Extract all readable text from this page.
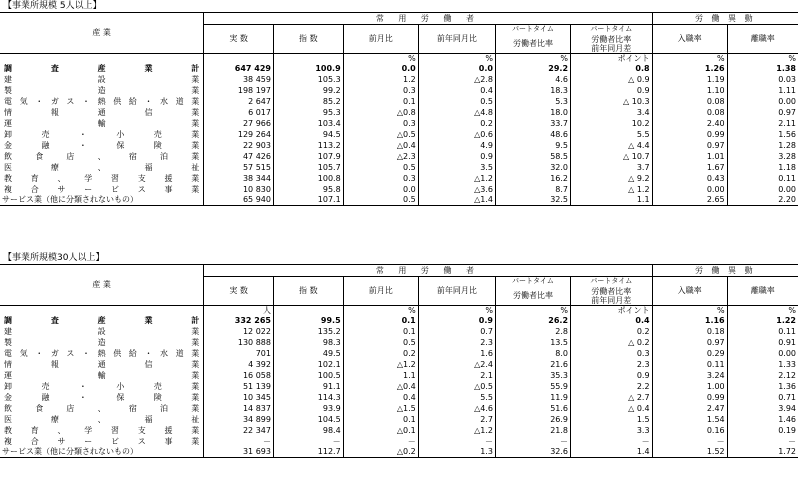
【事業所規模 5人以上】
産 業	常 用 労 働 者						労 働 異 動	
	実 数	指 数	前月比	前年同月比	パートタイム	パートタイム	入職率	離職率
					労働者比率	労働者比率
前年同月差		

			%	%	%	ポイント	%	%
調 査 産 業 計	647 429	100.9	0.0	0.0	29.2	0.8	1.26	1.38
建 設 業	38 459	105.3	1.2	△2.8	4.6	△ 0.9	1.19	0.03
製 造 業	198 197	99.2	0.3	0.4	18.3	0.9	1.10	1.11
電気・ガス・熱供給・水道業	2 647	85.2	0.1	0.5	5.3	△ 10.3	0.08	0.00
情 報 通 信 業	6 017	95.3	△0.8	△4.8	18.0	3.4	0.08	0.97
運 輸 業	27 966	103.4	0.3	0.2	33.7	10.2	2.40	2.11
卸 売 ・ 小 売 業	129 264	94.5	△0.5	△0.6	48.6	5.5	0.99	1.56
金 融 ・ 保 険 業	22 903	113.2	△0.4	4.9	9.5	△ 4.4	0.97	1.28
飲 食 店 、 宿 泊 業	47 426	107.9	△2.3	0.9	58.5	△ 10.7	1.01	3.28
医 療 、 福 祉	57 515	105.7	0.5	3.5	32.0	3.7	1.67	1.18
教 育 、 学 習 支 援 業	38 344	100.8	0.3	△1.2	16.2	△ 9.2	0.43	0.11
複 合 サ ー ビ ス 事 業	10 830	95.8	0.0	△3.6	8.7	△ 1.2	0.00	0.00
サービス業（他に分類されないもの）	65 940	107.1	0.5	△1.4	32.5	1.1	2.65	2.20
【事業所規模30人以上】
産 業	常 用 労 働 者						労 働 異 動	
	実 数	指 数	前月比	前年同月比	パートタイム	パートタイム	入職率	離職率
					労働者比率	労働者比率
前年同月差		

	人		%	%	%	ポイント	%	%
調 査 産 業 計	332 265	99.5	0.1	0.9	26.2	0.4	1.16	1.22
建 設 業	12 022	135.2	0.1	0.7	2.8	0.2	0.18	0.11
製 造 業	130 888	98.3	0.5	2.3	13.5	△ 0.2	0.97	0.91
電気・ガス・熱供給・水道業	701	49.5	0.2	1.6	8.0	0.3	0.29	0.00
情 報 通 信 業	4 392	102.1	△1.2	△2.4	21.6	2.3	0.11	1.33
運 輸 業	16 058	100.5	1.1	2.1	35.3	0.9	3.24	2.12
卸 売 ・ 小 売 業	51 139	91.1	△0.4	△0.5	55.9	2.2	1.00	1.36
金 融 ・ 保 険 業	10 345	114.3	0.4	5.5	11.9	△ 2.7	0.99	0.71
飲 食 店 、 宿 泊 業	14 837	93.9	△1.5	△4.6	51.6	△ 0.4	2.47	3.94
医 療 、 福 祉	34 899	104.5	0.1	2.7	26.9	1.5	1.54	1.46
教 育 、 学 習 支 援 業	22 347	98.4	△0.1	△1.2	21.8	3.3	0.16	0.19
複 合 サ ー ビ ス 事 業	－	－	－	－	－	－	－	－
サービス業（他に分類されないもの）	31 693	112.7	△0.2	1.3	32.6	1.4	1.52	1.72
